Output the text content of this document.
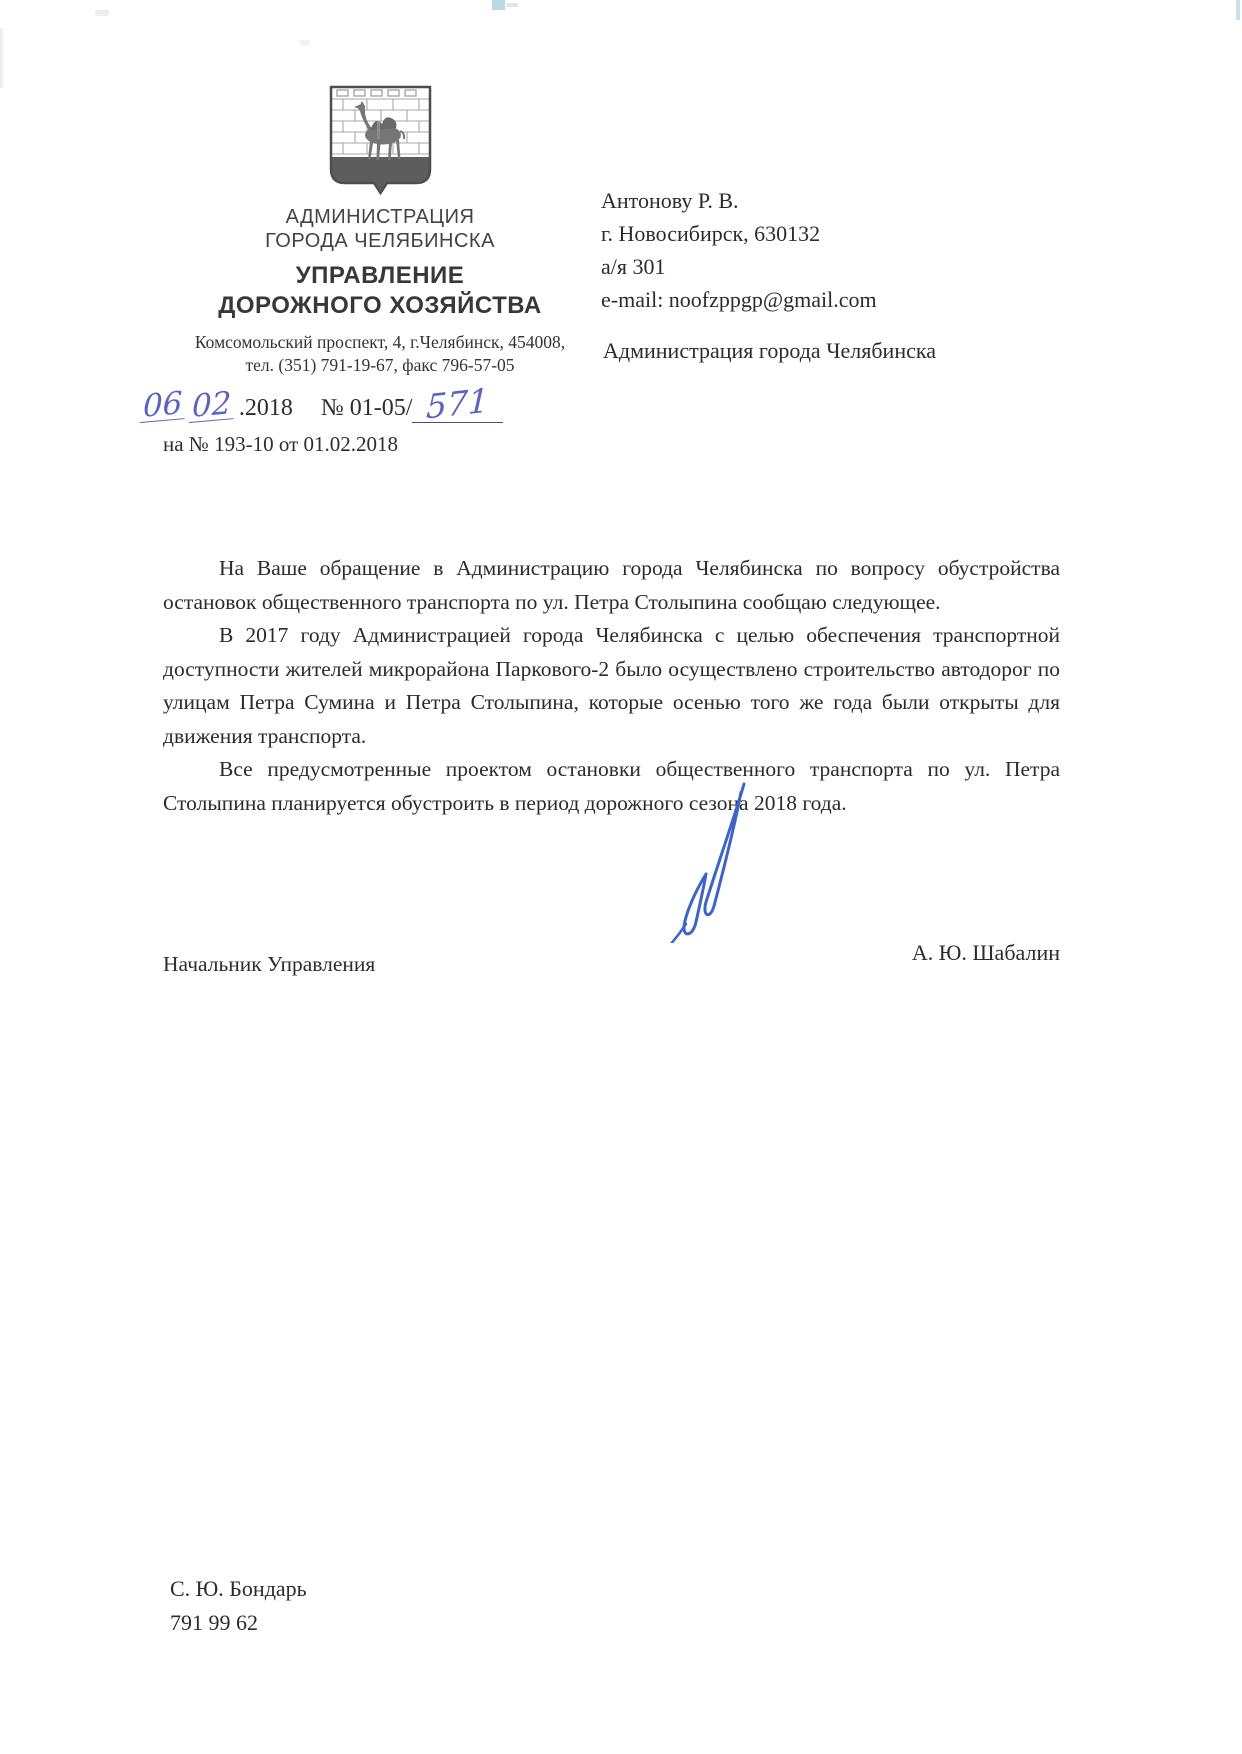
АДМИНИСТРАЦИЯ
ГОРОДА ЧЕЛЯБИНСКА
УПРАВЛЕНИЕ
ДОРОЖНОГО ХОЗЯЙСТВА
Комсомольский проспект, 4, г.Челябинск, 454008,
тел. (351) 791-19-67, факс 796-57-05
06 02 .2018 № 01-05/ 571
на № 193-10 от 01.02.2018
Антонову Р. В.
г. Новосибирск, 630132
а/я 301
e-mail: noofzppgp@gmail.com
Администрация города Челябинска

На Ваше обращение в Администрацию города Челябинска по вопросу обустройства остановок общественного транспорта по ул. Петра Столыпина сообщаю следующее.

В 2017 году Администрацией города Челябинска с целью обеспечения транспортной доступности жителей микрорайона Паркового-2 было осуществлено строительство автодорог по улицам Петра Сумина и Петра Столыпина, которые осенью того же года были открыты для движения транспорта.

Все предусмотренные проектом остановки общественного транспорта по ул. Петра Столыпина планируется обустроить в период дорожного сезона 2018 года.

Начальник Управления	А. Ю. Шабалин
С. Ю. Бондарь
791 99 62
